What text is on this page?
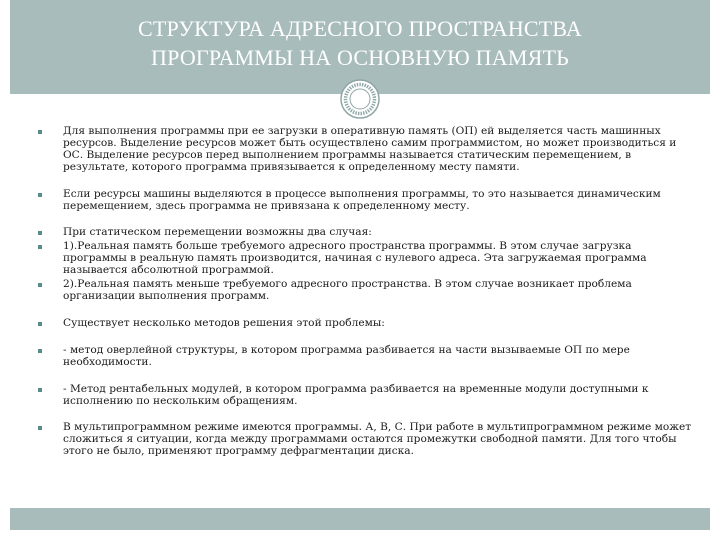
СТРУКТУРА АДРЕСНОГО ПРОСТРАНСТВА
ПРОГРАММЫ НА ОСНОВНУЮ ПАМЯТЬ
Для выполнения программы при ее загрузки в оперативную память (ОП) ей выделяется часть машинных ресурсов. Выделение ресурсов может быть осуществлено самим программистом, но может производиться и ОС. Выделение ресурсов перед выполнением программы называется статическим перемещением, в результате, которого программа привязывается к определенному месту памяти.
Если ресурсы машины выделяются в процессе выполнения программы, то это называется динамическим перемещением, здесь программа не привязана к определенному месту.
При статическом перемещении возможны два случая:
1).Реальная память больше требуемого адресного пространства программы. В этом случае загрузка программы в реальную память производится, начиная с нулевого адреса. Эта загружаемая программа называется абсолютной программой.
2).Реальная память меньше требуемого адресного пространства. В этом случае возникает проблема организации выполнения программ.
Существует несколько методов решения этой проблемы:
- метод оверлейной структуры, в котором программа разбивается на части вызываемые ОП по мере необходимости.
- Метод рентабельных модулей, в котором программа разбивается на временные модули доступными к исполнению по нескольким обращениям.
В мультипрограммном режиме имеются программы. А, В, С. При работе в мультипрограммном режиме может сложиться я ситуации, когда между программами остаются промежутки свободной памяти. Для того чтобы этого не было, применяют программу дефрагментации диска.
